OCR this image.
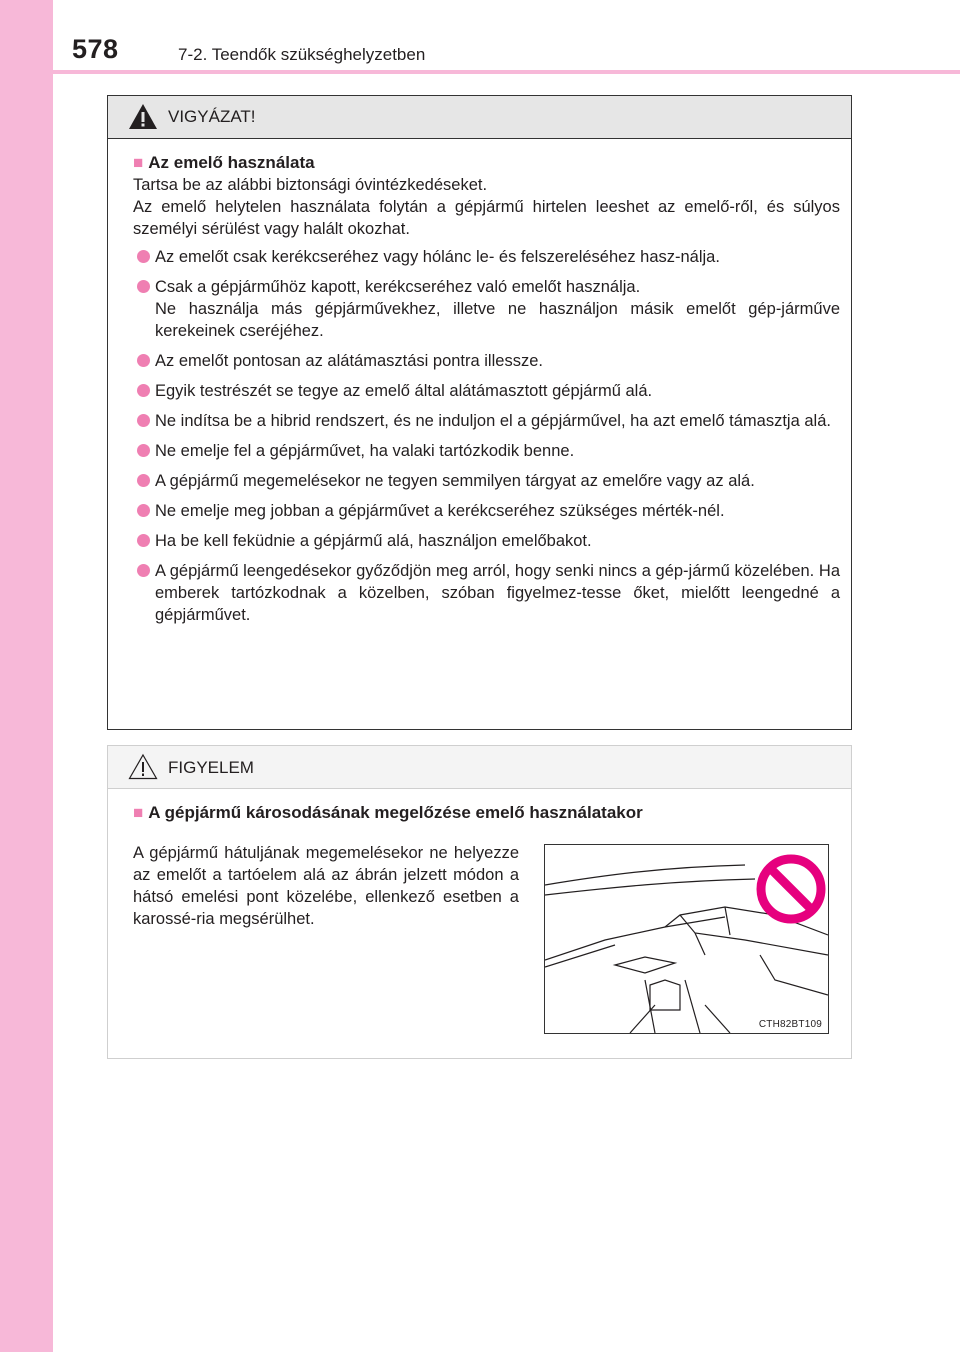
578	7-2. Teendők szükséghelyzetben
VIGYÁZAT!
■ Az emelő használata
Tartsa be az alábbi biztonsági óvintézkedéseket.
Az emelő helytelen használata folytán a gépjármű hirtelen leeshet az emelő-ről, és súlyos személyi sérülést vagy halált okozhat.
Az emelőt csak kerékcseréhez vagy hólánc le- és felszereléséhez hasz-nálja.
Csak a gépjárműhöz kapott, kerékcseréhez való emelőt használja.
Ne használja más gépjárművekhez, illetve ne használjon másik emelőt gép-járműve kerekeinek cseréjéhez.
Az emelőt pontosan az alátámasztási pontra illessze.
Egyik testrészét se tegye az emelő által alátámasztott gépjármű alá.
Ne indítsa be a hibrid rendszert, és ne induljon el a gépjárművel, ha azt emelő támasztja alá.
Ne emelje fel a gépjárművet, ha valaki tartózkodik benne.
A gépjármű megemelésekor ne tegyen semmilyen tárgyat az emelőre vagy az alá.
Ne emelje meg jobban a gépjárművet a kerékcseréhez szükséges mérték-nél.
Ha be kell feküdnie a gépjármű alá, használjon emelőbakot.
A gépjármű leengedésekor győződjön meg arról, hogy senki nincs a gép-jármű közelében. Ha emberek tartózkodnak a közelben, szóban figyelmez-tesse őket, mielőtt leengedné a gépjárművet.
FIGYELEM
■ A gépjármű károsodásának megelőzése emelő használatakor
A gépjármű hátuljának megemelésekor ne helyezze az emelőt a tartóelem alá az ábrán jelzett módon a hátsó emelési pont közelébe, ellenkező esetben a karossé-ria megsérülhet.
CTH82BT109
